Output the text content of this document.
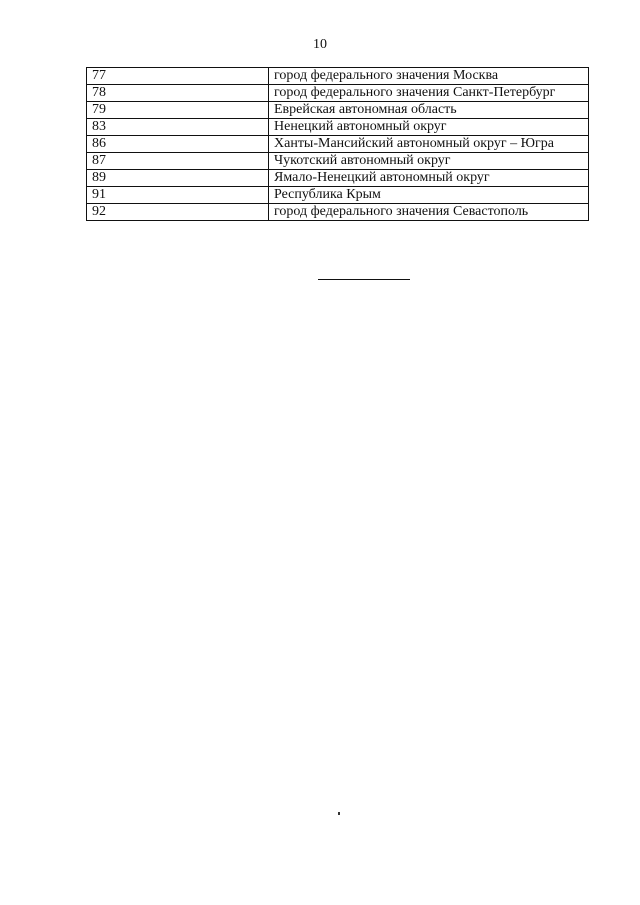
10
77	город федерального значения Москва
78	город федерального значения Санкт-Петербург
79	Еврейская автономная область
83	Ненецкий автономный округ
86	Ханты-Мансийский автономный округ – Югра
87	Чукотский автономный округ
89	Ямало-Ненецкий автономный округ
91	Республика Крым
92	город федерального значения Севастополь
